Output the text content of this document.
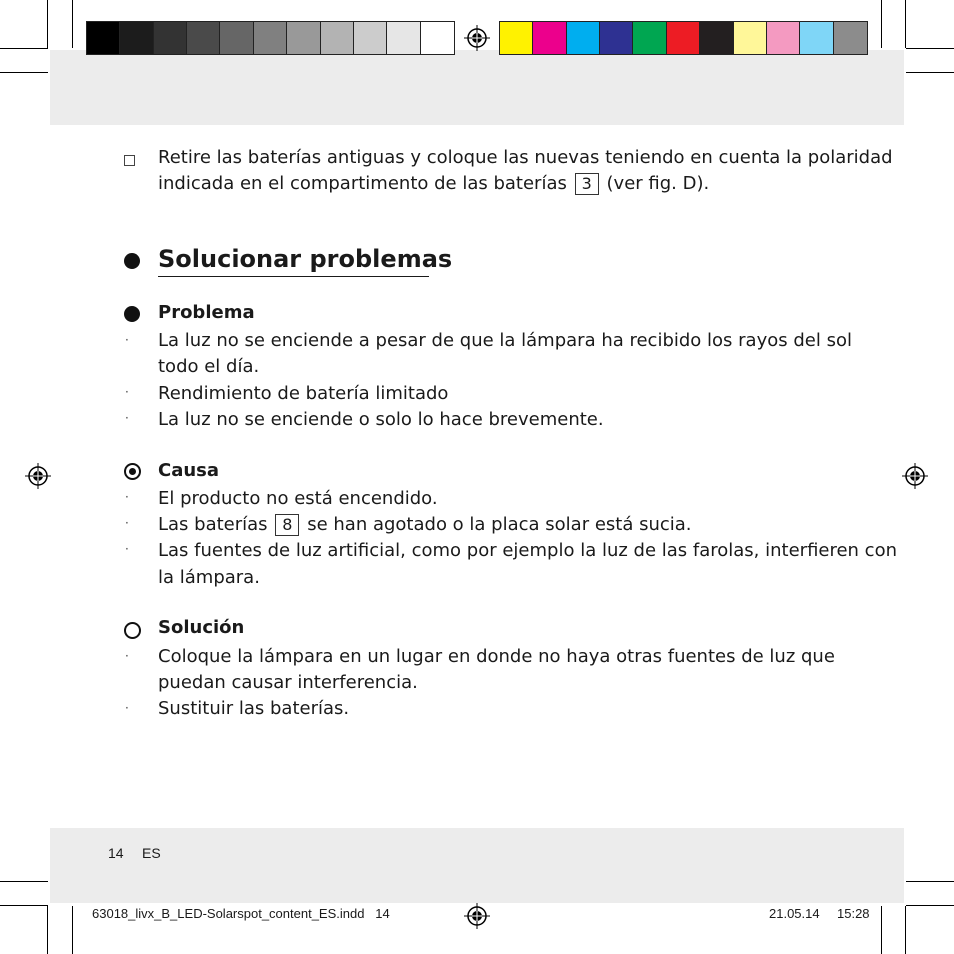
Retire las baterías antiguas y coloque las nuevas teniendo en cuenta la polaridad
indicada en el compartimento de las baterías 3 (ver fig. D).
Solucionar problemas
Problema
· La luz no se enciende a pesar de que la lámpara ha recibido los rayos del sol
todo el día.
· Rendimiento de batería limitado
· La luz no se enciende o solo lo hace brevemente.
Causa
· El producto no está encendido.
· Las baterías 8 se han agotado o la placa solar está sucia.
· Las fuentes de luz artificial, como por ejemplo la luz de las farolas, interfieren con
la lámpara.
Solución
· Coloque la lámpara en un lugar en donde no haya otras fuentes de luz que
puedan causar interferencia.
· Sustituir las baterías.
14 ES
63018_livx_B_LED-Solarspot_content_ES.indd   14	21.05.14 15:28
